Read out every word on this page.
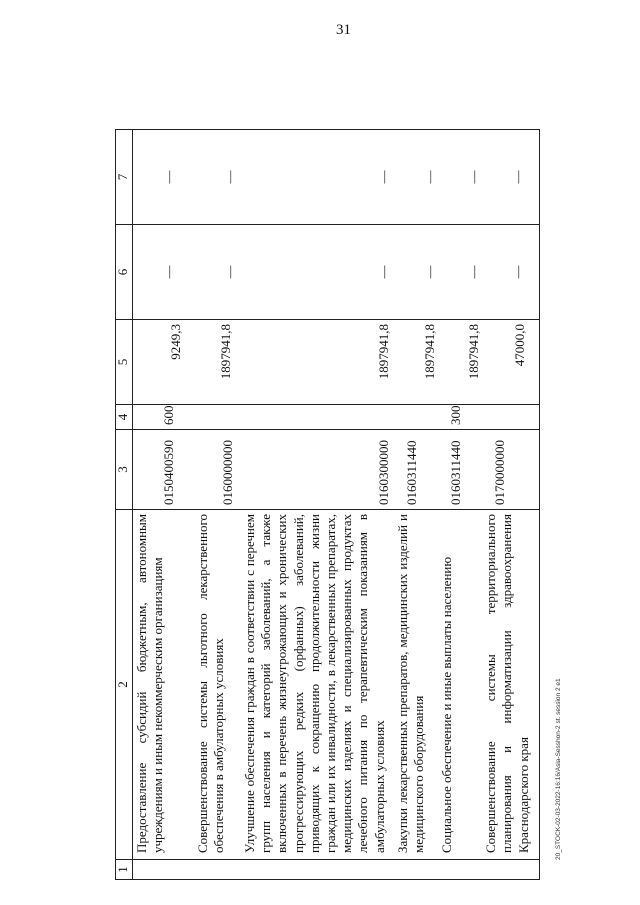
31
20_STOCK-02-03-2022-16:16/Asia-Sesshon-2 st. session 2 e1
1	2	3	4	5	6	7
	Предоставление субсидий бюджетным, автономным учреждениям и иным некоммерческим организациям	0150400590	600	9249,3	—	—
	Совершенствование системы льготного лекарственного обеспечения в амбулаторных условиях	0160000000		1897941,8	—	—
	Улучшение обеспечения граждан в соответствии с перечнем групп населения и категорий заболеваний, а также включенных в перечень жизнеугрожающих и хронических прогрессирующих редких (орфанных) заболеваний, приводящих к сокращению продолжительности жизни граждан или их инвалидности, в лекарственных препаратах, медицинских изделиях и специализированных продуктах лечебного питания по терапевтическим показаниям в амбулаторных условиях	0160300000		1897941,8	—	—
	Закупки лекарственных препаратов, медицинских изделий и медицинского оборудования	0160311440		1897941,8	—	—
	Социальное обеспечение и иные выплаты населению	0160311440	300	1897941,8	—	—
	Совершенствование системы территориального планирования и информатизации здравоохранения Краснодарского края	0170000000		47000,0	—	—
